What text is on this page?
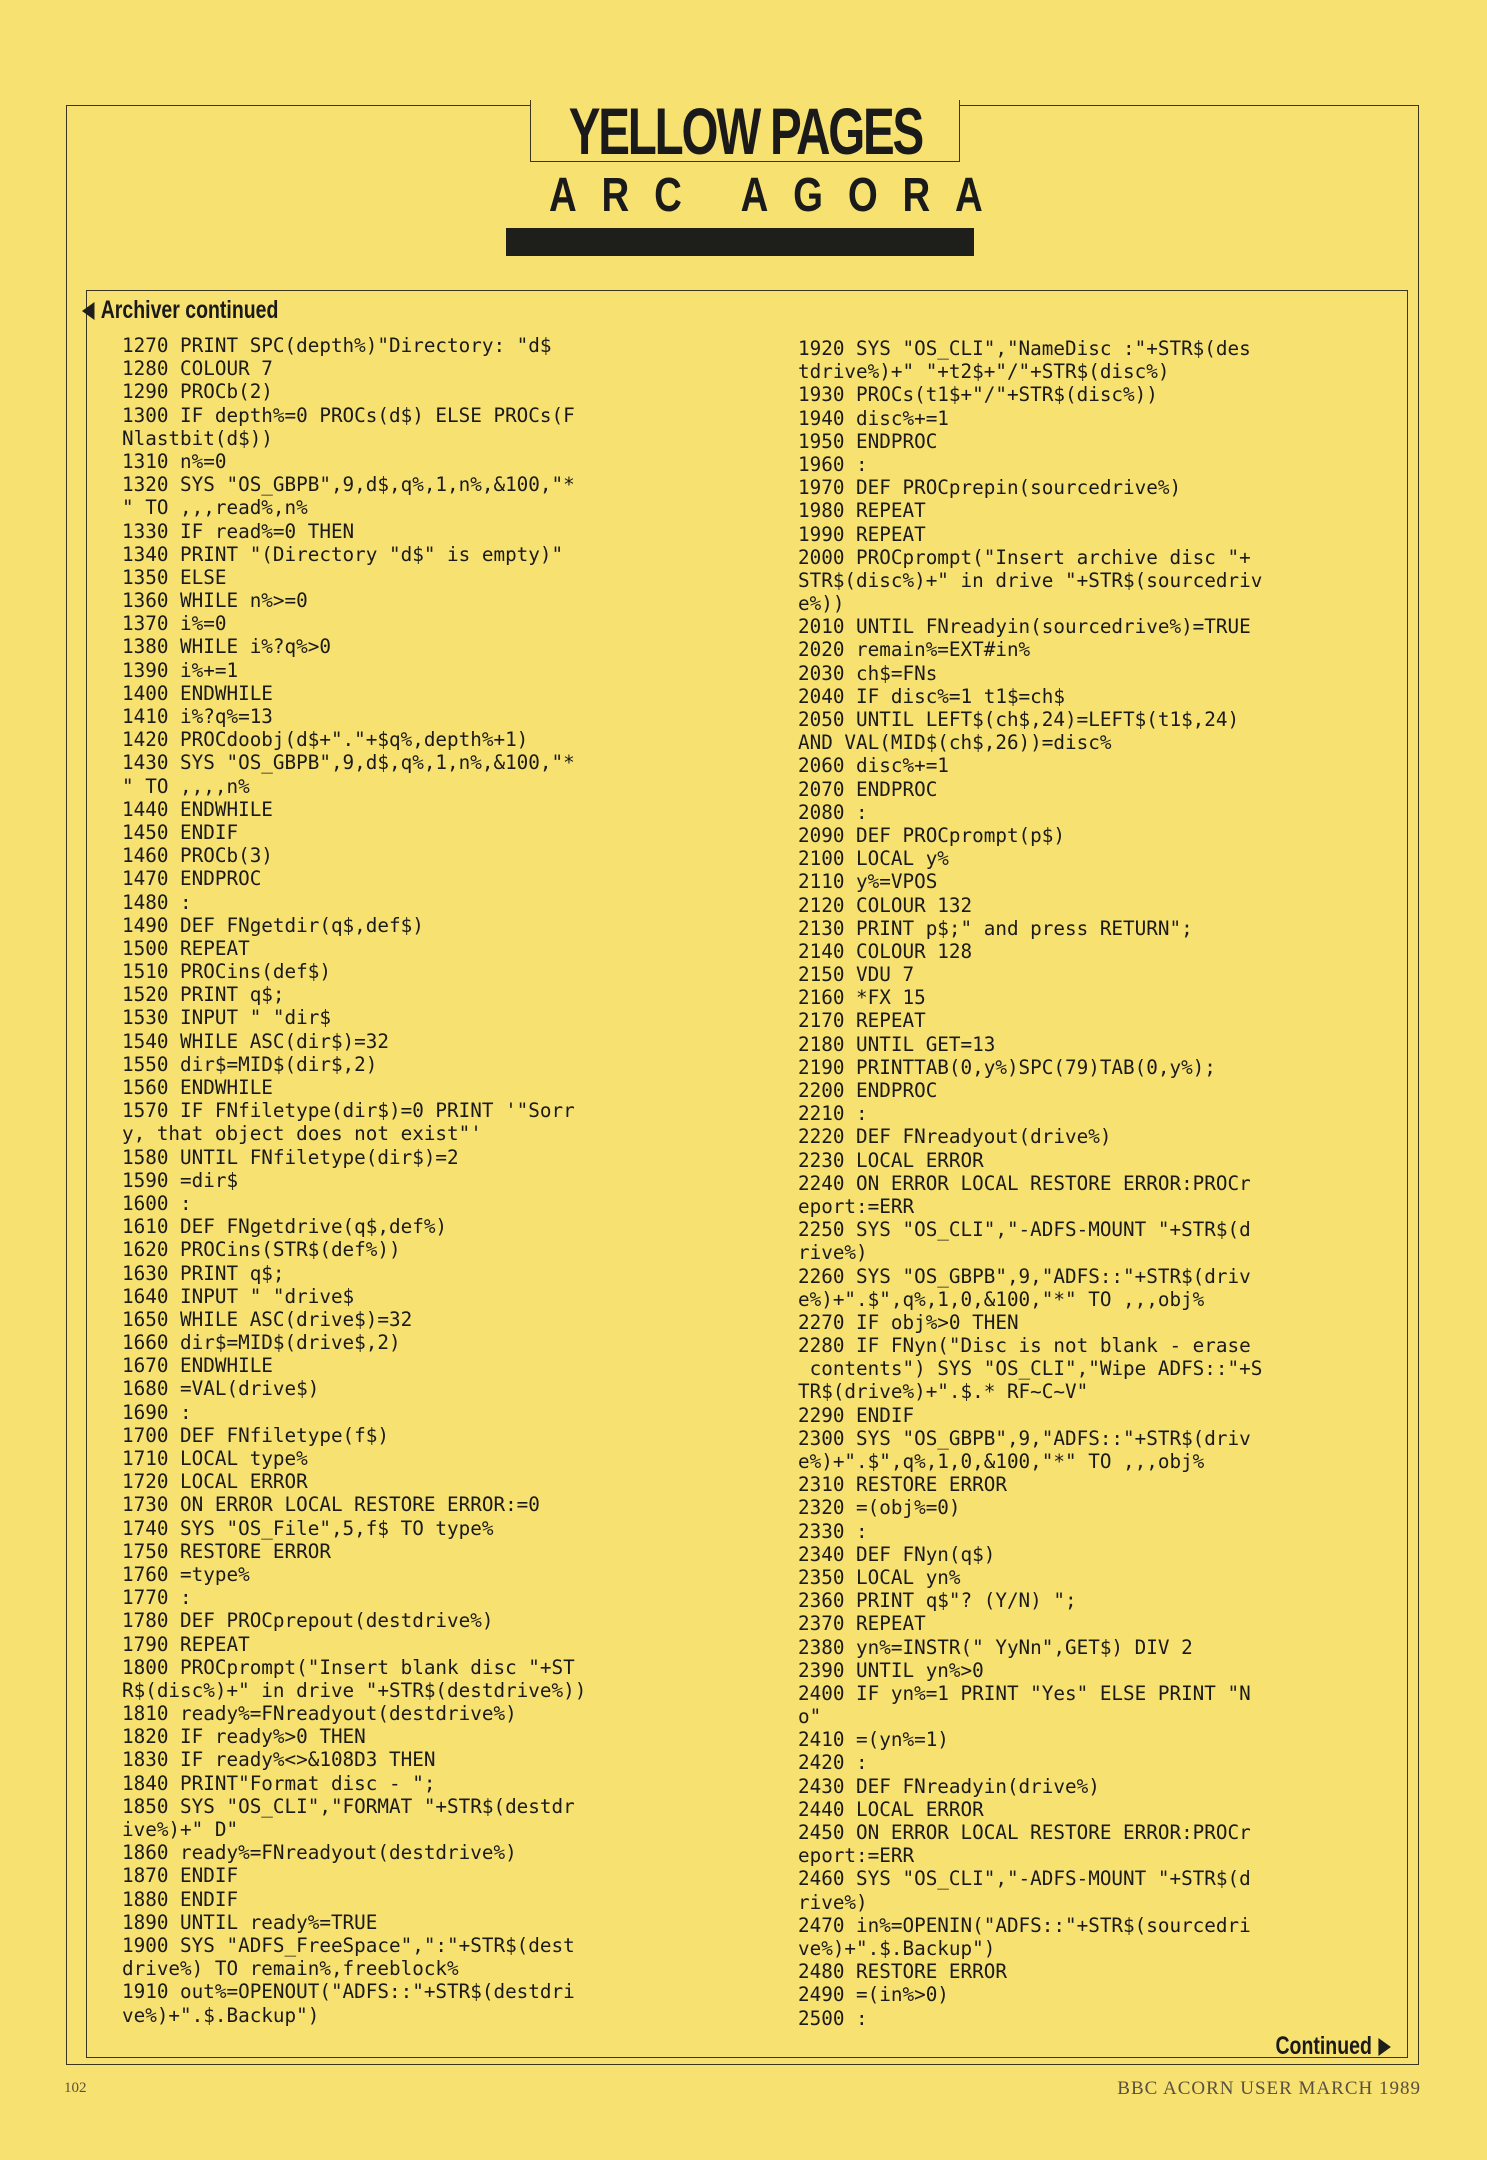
YELLOW PAGES
ARC AGORA
Archiver continued
1270 PRINT SPC(depth%)"Directory: "d$
1280 COLOUR 7
1290 PROCb(2)
1300 IF depth%=0 PROCs(d$) ELSE PROCs(F
Nlastbit(d$))
1310 n%=0
1320 SYS "OS_GBPB",9,d$,q%,1,n%,&100,"*
" TO ,,,read%,n%
1330 IF read%=0 THEN
1340 PRINT "(Directory "d$" is empty)"
1350 ELSE
1360 WHILE n%>=0
1370 i%=0
1380 WHILE i%?q%>0
1390 i%+=1
1400 ENDWHILE
1410 i%?q%=13
1420 PROCdoobj(d$+"."+$q%,depth%+1)
1430 SYS "OS_GBPB",9,d$,q%,1,n%,&100,"*
" TO ,,,,n%
1440 ENDWHILE
1450 ENDIF
1460 PROCb(3)
1470 ENDPROC
1480 :
1490 DEF FNgetdir(q$,def$)
1500 REPEAT
1510 PROCins(def$)
1520 PRINT q$;
1530 INPUT " "dir$
1540 WHILE ASC(dir$)=32
1550 dir$=MID$(dir$,2)
1560 ENDWHILE
1570 IF FNfiletype(dir$)=0 PRINT '"Sorr
y, that object does not exist"'
1580 UNTIL FNfiletype(dir$)=2
1590 =dir$
1600 :
1610 DEF FNgetdrive(q$,def%)
1620 PROCins(STR$(def%))
1630 PRINT q$;
1640 INPUT " "drive$
1650 WHILE ASC(drive$)=32
1660 dir$=MID$(drive$,2)
1670 ENDWHILE
1680 =VAL(drive$)
1690 :
1700 DEF FNfiletype(f$)
1710 LOCAL type%
1720 LOCAL ERROR
1730 ON ERROR LOCAL RESTORE ERROR:=0
1740 SYS "OS_File",5,f$ TO type%
1750 RESTORE ERROR
1760 =type%
1770 :
1780 DEF PROCprepout(destdrive%)
1790 REPEAT
1800 PROCprompt("Insert blank disc "+ST
R$(disc%)+" in drive "+STR$(destdrive%))
1810 ready%=FNreadyout(destdrive%)
1820 IF ready%>0 THEN
1830 IF ready%<>&108D3 THEN
1840 PRINT"Format disc - ";
1850 SYS "OS_CLI","FORMAT "+STR$(destdr
ive%)+" D"
1860 ready%=FNreadyout(destdrive%)
1870 ENDIF
1880 ENDIF
1890 UNTIL ready%=TRUE
1900 SYS "ADFS_FreeSpace",":"+STR$(dest
drive%) TO remain%,freeblock%
1910 out%=OPENOUT("ADFS::"+STR$(destdri
ve%)+".$.Backup")
1920 SYS "OS_CLI","NameDisc :"+STR$(des
tdrive%)+" "+t2$+"/"+STR$(disc%)
1930 PROCs(t1$+"/"+STR$(disc%))
1940 disc%+=1
1950 ENDPROC
1960 :
1970 DEF PROCprepin(sourcedrive%)
1980 REPEAT
1990 REPEAT
2000 PROCprompt("Insert archive disc "+
STR$(disc%)+" in drive "+STR$(sourcedriv
e%))
2010 UNTIL FNreadyin(sourcedrive%)=TRUE
2020 remain%=EXT#in%
2030 ch$=FNs
2040 IF disc%=1 t1$=ch$
2050 UNTIL LEFT$(ch$,24)=LEFT$(t1$,24)
AND VAL(MID$(ch$,26))=disc%
2060 disc%+=1
2070 ENDPROC
2080 :
2090 DEF PROCprompt(p$)
2100 LOCAL y%
2110 y%=VPOS
2120 COLOUR 132
2130 PRINT p$;" and press RETURN";
2140 COLOUR 128
2150 VDU 7
2160 *FX 15
2170 REPEAT
2180 UNTIL GET=13
2190 PRINTTAB(0,y%)SPC(79)TAB(0,y%);
2200 ENDPROC
2210 :
2220 DEF FNreadyout(drive%)
2230 LOCAL ERROR
2240 ON ERROR LOCAL RESTORE ERROR:PROCr
eport:=ERR
2250 SYS "OS_CLI","-ADFS-MOUNT "+STR$(d
rive%)
2260 SYS "OS_GBPB",9,"ADFS::"+STR$(driv
e%)+".$",q%,1,0,&100,"*" TO ,,,obj%
2270 IF obj%>0 THEN
2280 IF FNyn("Disc is not blank - erase
contents") SYS "OS_CLI","Wipe ADFS::"+S
TR$(drive%)+".$.* RF~C~V"
2290 ENDIF
2300 SYS "OS_GBPB",9,"ADFS::"+STR$(driv
e%)+".$",q%,1,0,&100,"*" TO ,,,obj%
2310 RESTORE ERROR
2320 =(obj%=0)
2330 :
2340 DEF FNyn(q$)
2350 LOCAL yn%
2360 PRINT q$"? (Y/N) ";
2370 REPEAT
2380 yn%=INSTR(" YyNn",GET$) DIV 2
2390 UNTIL yn%>0
2400 IF yn%=1 PRINT "Yes" ELSE PRINT "N
o"
2410 =(yn%=1)
2420 :
2430 DEF FNreadyin(drive%)
2440 LOCAL ERROR
2450 ON ERROR LOCAL RESTORE ERROR:PROCr
eport:=ERR
2460 SYS "OS_CLI","-ADFS-MOUNT "+STR$(d
rive%)
2470 in%=OPENIN("ADFS::"+STR$(sourcedri
ve%)+".$.Backup")
2480 RESTORE ERROR
2490 =(in%>0)
2500 :
Continued
102	BBC ACORN USER MARCH 1989
